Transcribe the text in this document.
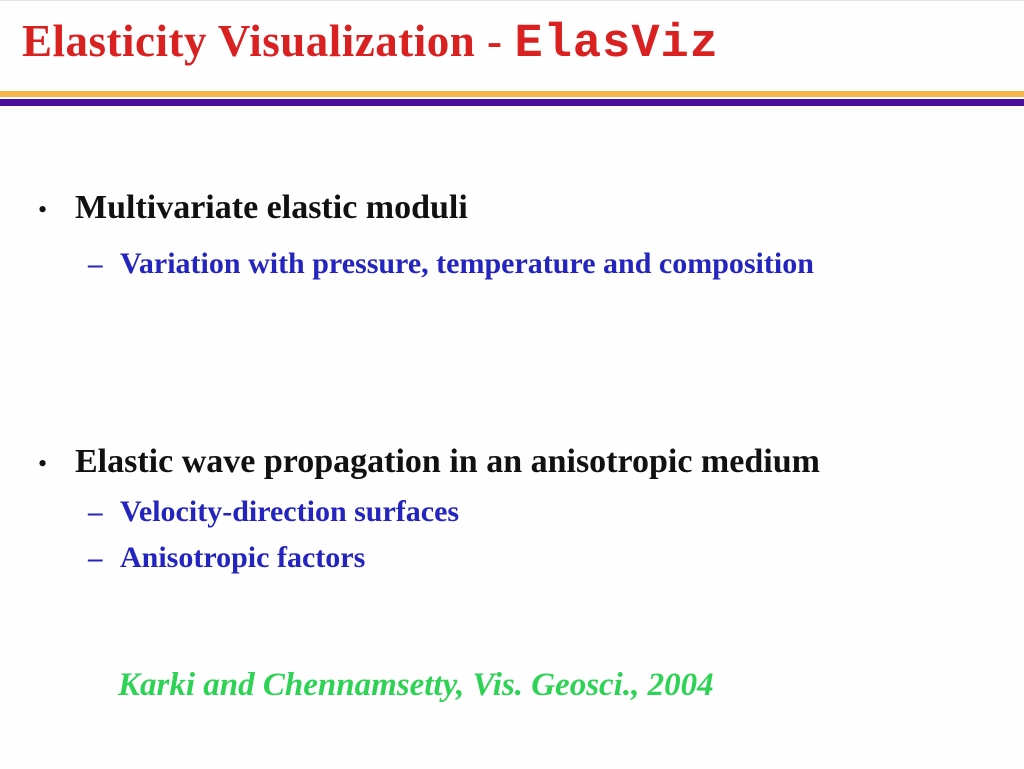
Elasticity Visualization - ElasViz
• Multivariate elastic moduli
– Variation with pressure, temperature and composition
• Elastic wave propagation in an anisotropic medium
– Velocity-direction surfaces
– Anisotropic factors
Karki and Chennamsetty, Vis. Geosci., 2004
